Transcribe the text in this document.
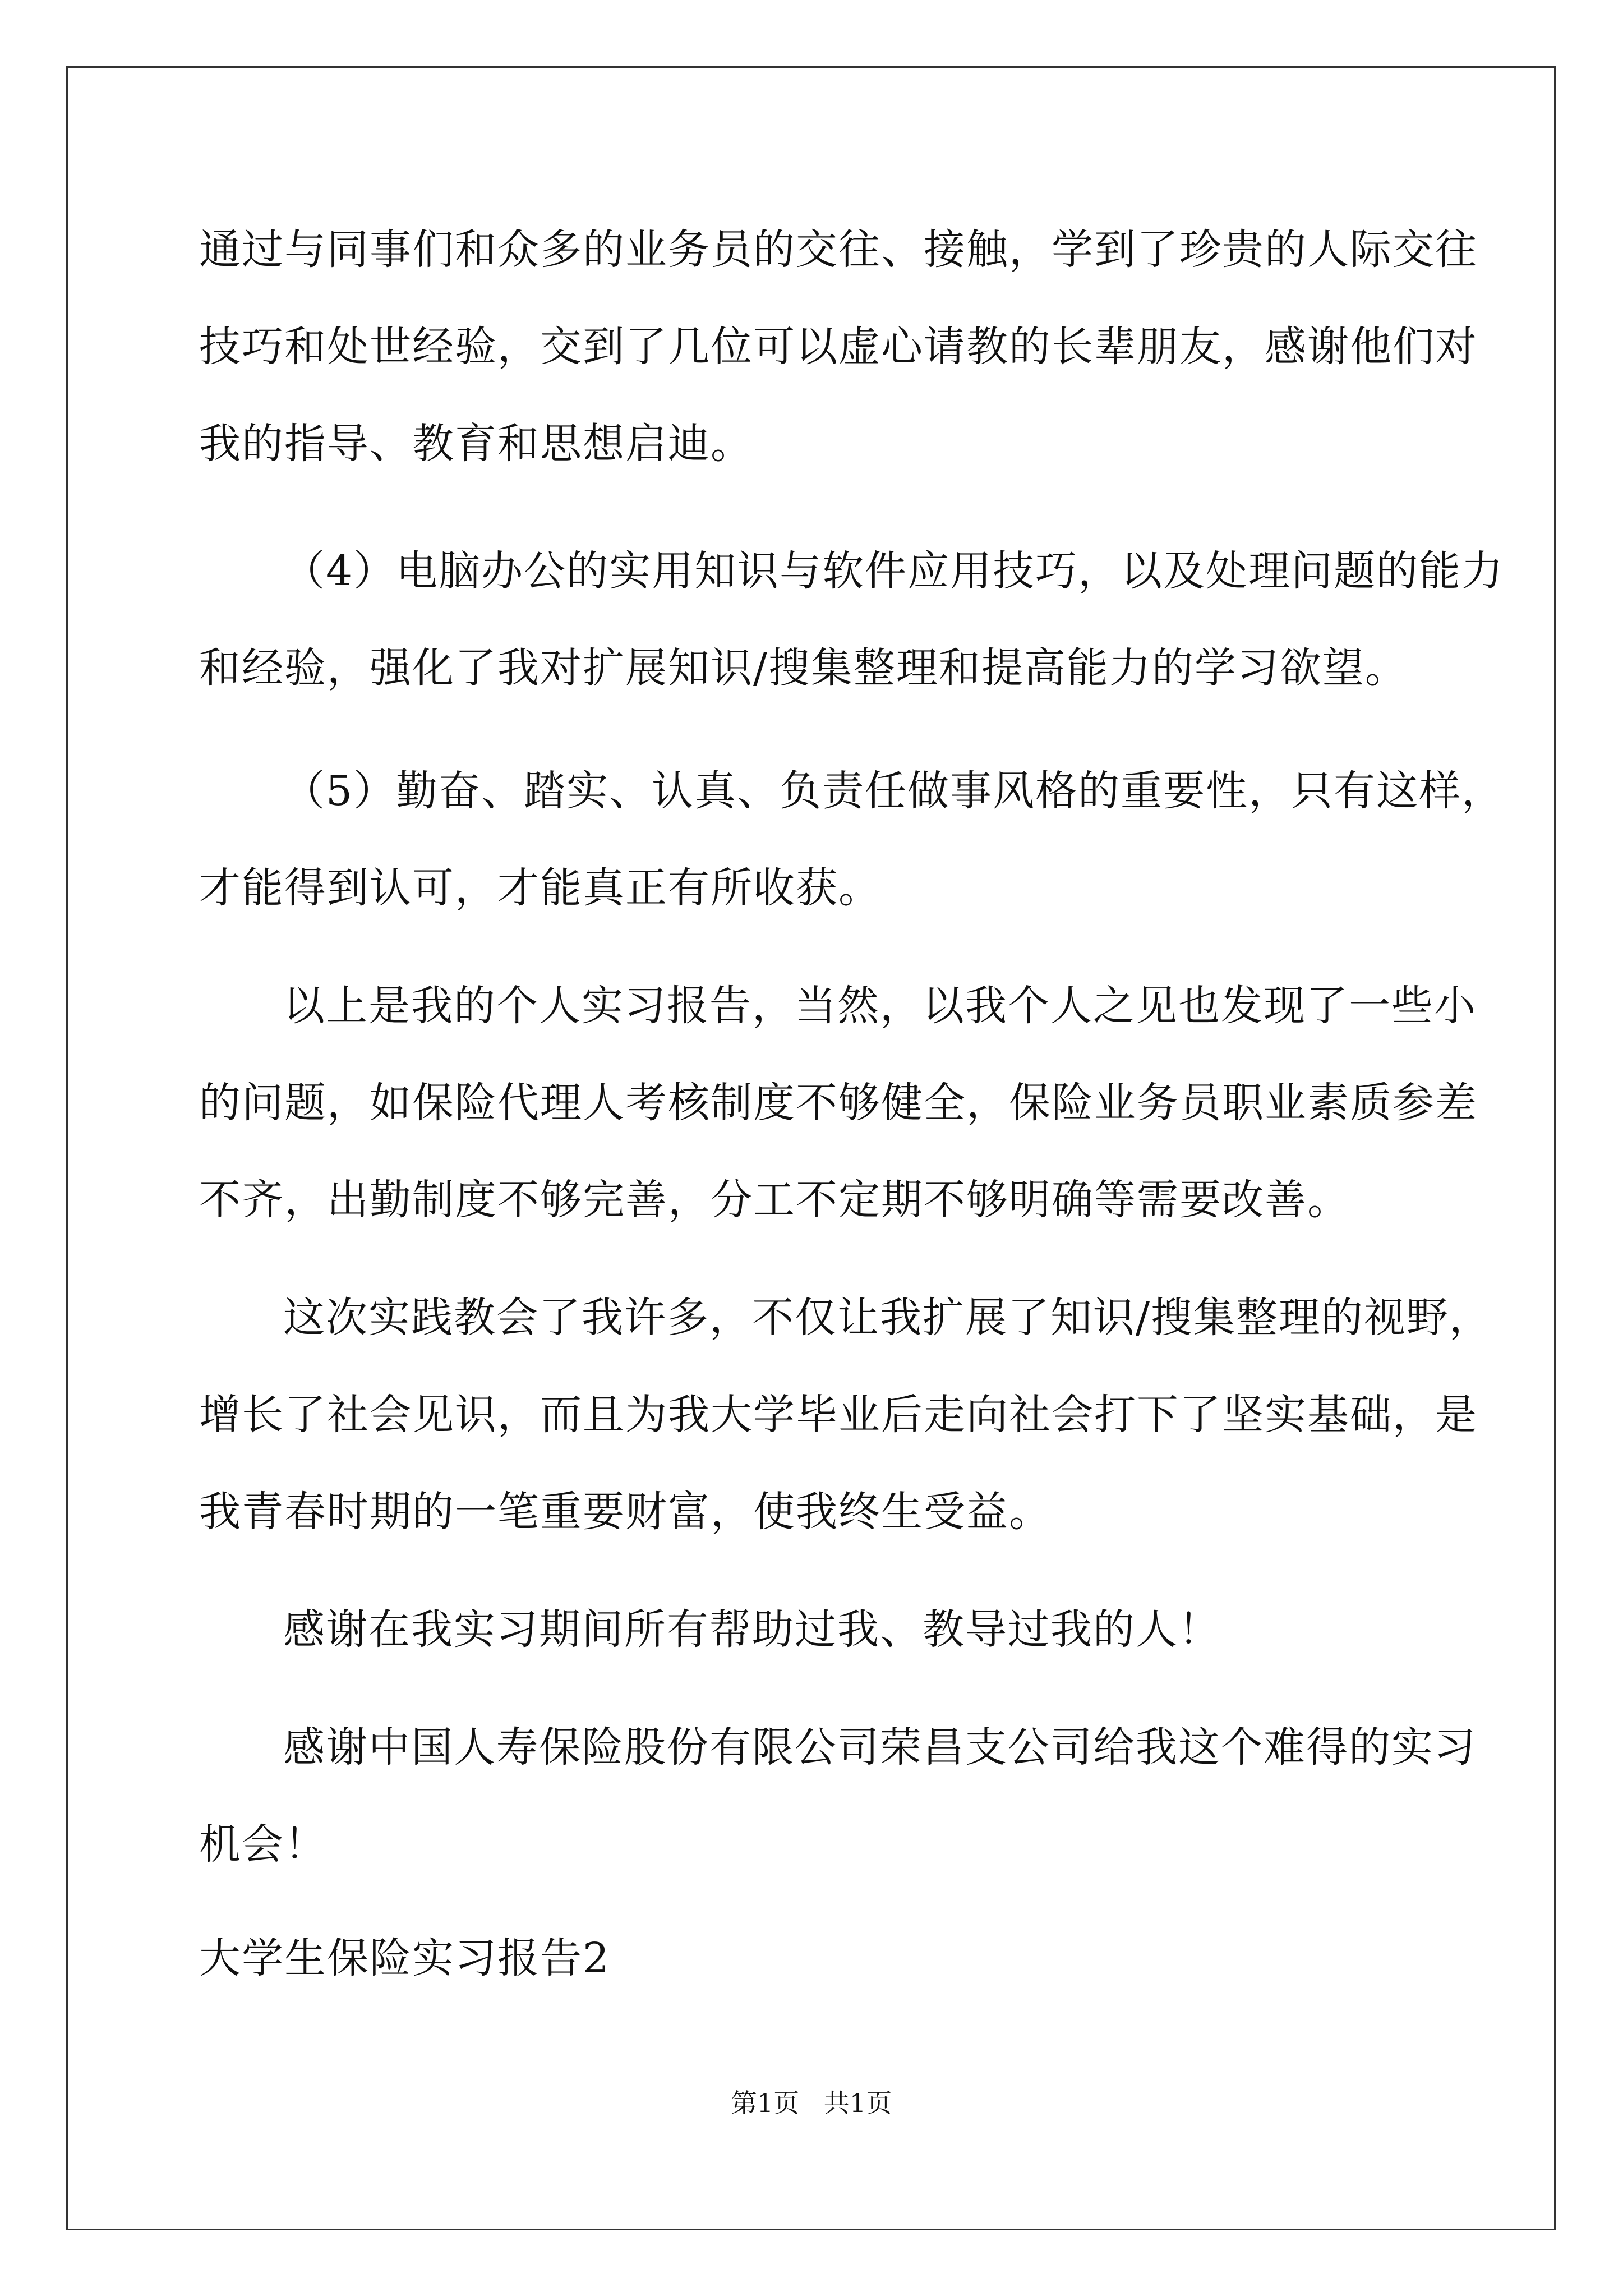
通过与同事们和众多的业务员的交往、接触，学到了珍贵的人际交往
技巧和处世经验，交到了几位可以虚心请教的长辈朋友，感谢他们对
我的指导、教育和思想启迪。
（4）电脑办公的实用知识与软件应用技巧，以及处理问题的能力
和经验，强化了我对扩展知识/搜集整理和提高能力的学习欲望。
（5）勤奋、踏实、认真、负责任做事风格的重要性，只有这样，
才能得到认可，才能真正有所收获。
以上是我的个人实习报告，当然，以我个人之见也发现了一些小
的问题，如保险代理人考核制度不够健全，保险业务员职业素质参差
不齐，出勤制度不够完善，分工不定期不够明确等需要改善。
这次实践教会了我许多，不仅让我扩展了知识/搜集整理的视野，
增长了社会见识，而且为我大学毕业后走向社会打下了坚实基础，是
我青春时期的一笔重要财富，使我终生受益。
感谢在我实习期间所有帮助过我、教导过我的人！
感谢中国人寿保险股份有限公司荣昌支公司给我这个难得的实习
机会！
大学生保险实习报告2
第1页   共1页
